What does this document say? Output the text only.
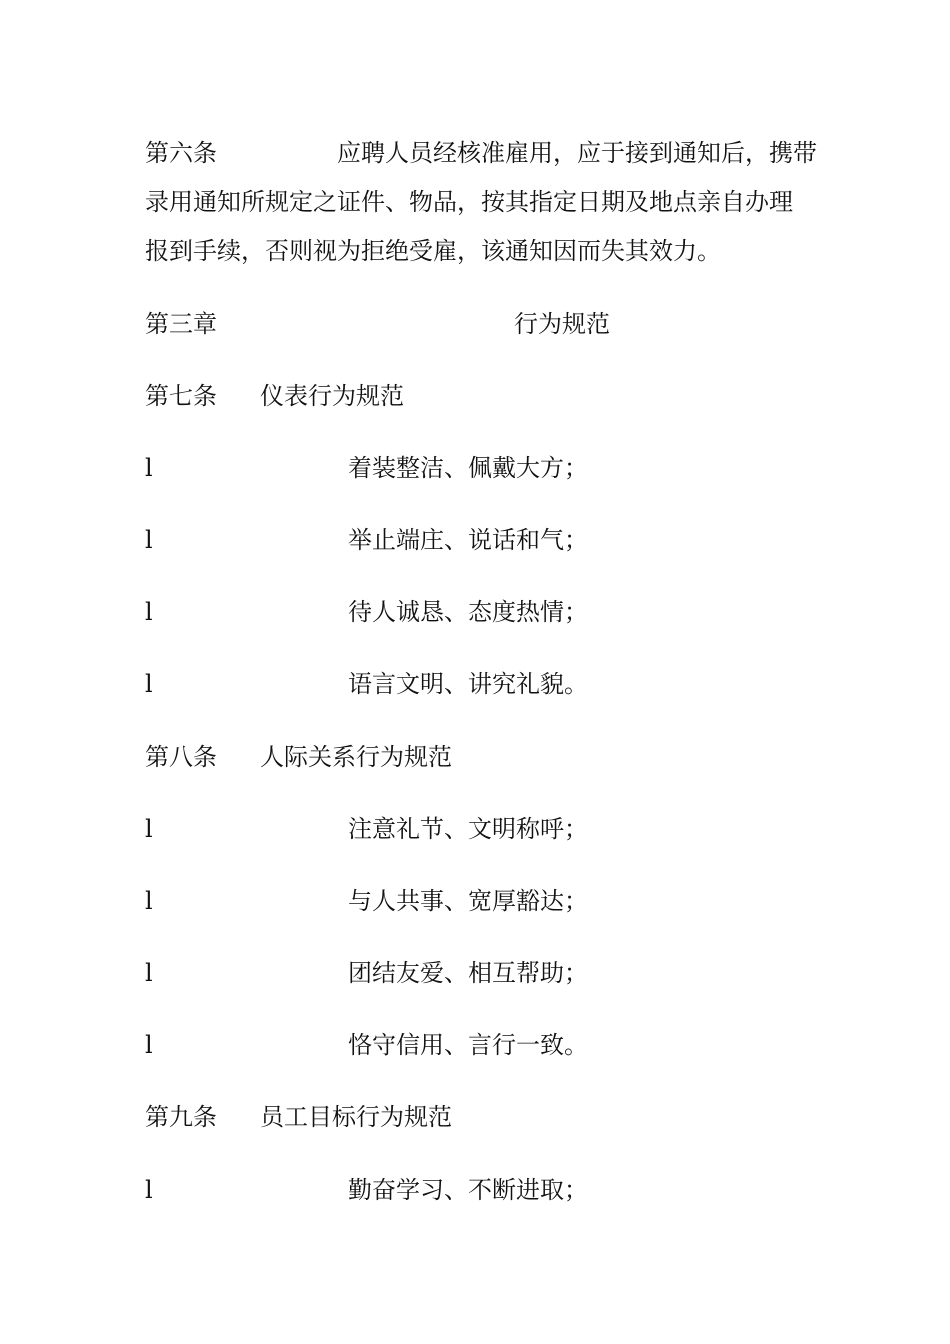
第六条	应聘人员经核准雇用，应于接到通知后，携带
录用通知所规定之证件、物品，按其指定日期及地点亲自办理
报到手续，否则视为拒绝受雇，该通知因而失其效力。
第三章	行为规范
第七条 仪表行为规范
l	着装整洁、佩戴大方；
l	举止端庄、说话和气；
l	待人诚恳、态度热情；
l	语言文明、讲究礼貌。
第八条 人际关系行为规范
l	注意礼节、文明称呼；
l	与人共事、宽厚豁达；
l	团结友爱、相互帮助；
l	恪守信用、言行一致。
第九条 员工目标行为规范
l	勤奋学习、不断进取；
